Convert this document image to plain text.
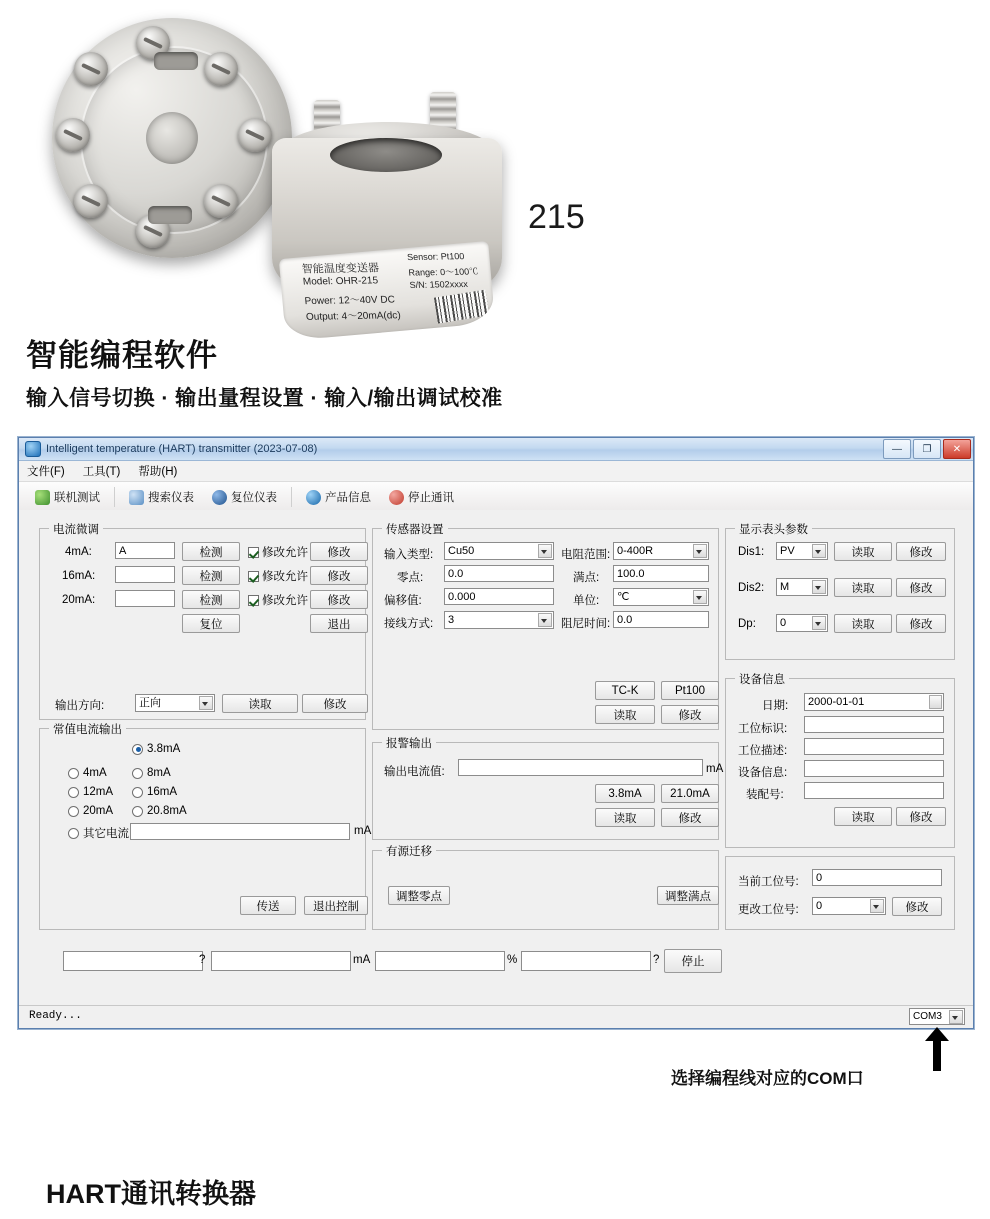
智能温度变送器
Model: OHR-215
Power: 12～40V DC
Output: 4～20mA(dc)
Sensor: Pt100
Range: 0～100℃
S/N: 1502xxxx
215
智能编程软件
输入信号切换 · 输出量程设置 · 输入/输出调试校准
Intelligent temperature (HART) transmitter (2023-07-08)	—	❐	✕
文件(F) 工具(T) 帮助(H)
联机测试	搜索仪表	复位仪表	产品信息	停止通讯
电流微调
4mA:	A	检测	修改允许	修改
16mA:	检测	修改允许	修改
20mA:	检测	修改允许	修改
复位	退出
输出方向:	正向	读取	修改
常值电流输出
3.8mA
4mA	8mA
12mA	16mA
20mA	20.8mA
其它电流	mA
传送	退出控制
传感器设置
输入类型:	Cu50	电阻范围: 0-400R
零点:	0.0	满点:	100.0
偏移值:	0.000	单位:	℃
接线方式:	3	阻尼时间: 0.0
TC-K	Pt100
读取	修改
报警输出
输出电流值:	mA
3.8mA	21.0mA
读取	修改
有源迁移
调整零点	调整满点
显示表头参数
Dis1:	PV	读取	修改
Dis2:	M	读取	修改
Dp:	0	读取	修改
设备信息
日期:	2000-01-01
工位标识:
工位描述:
设备信息:
装配号:
读取	修改
当前工位号:	0
更改工位号:	0	修改
?	mA	%	?	停止
Ready...	COM3
选择编程线对应的COM口
HART通讯转换器
